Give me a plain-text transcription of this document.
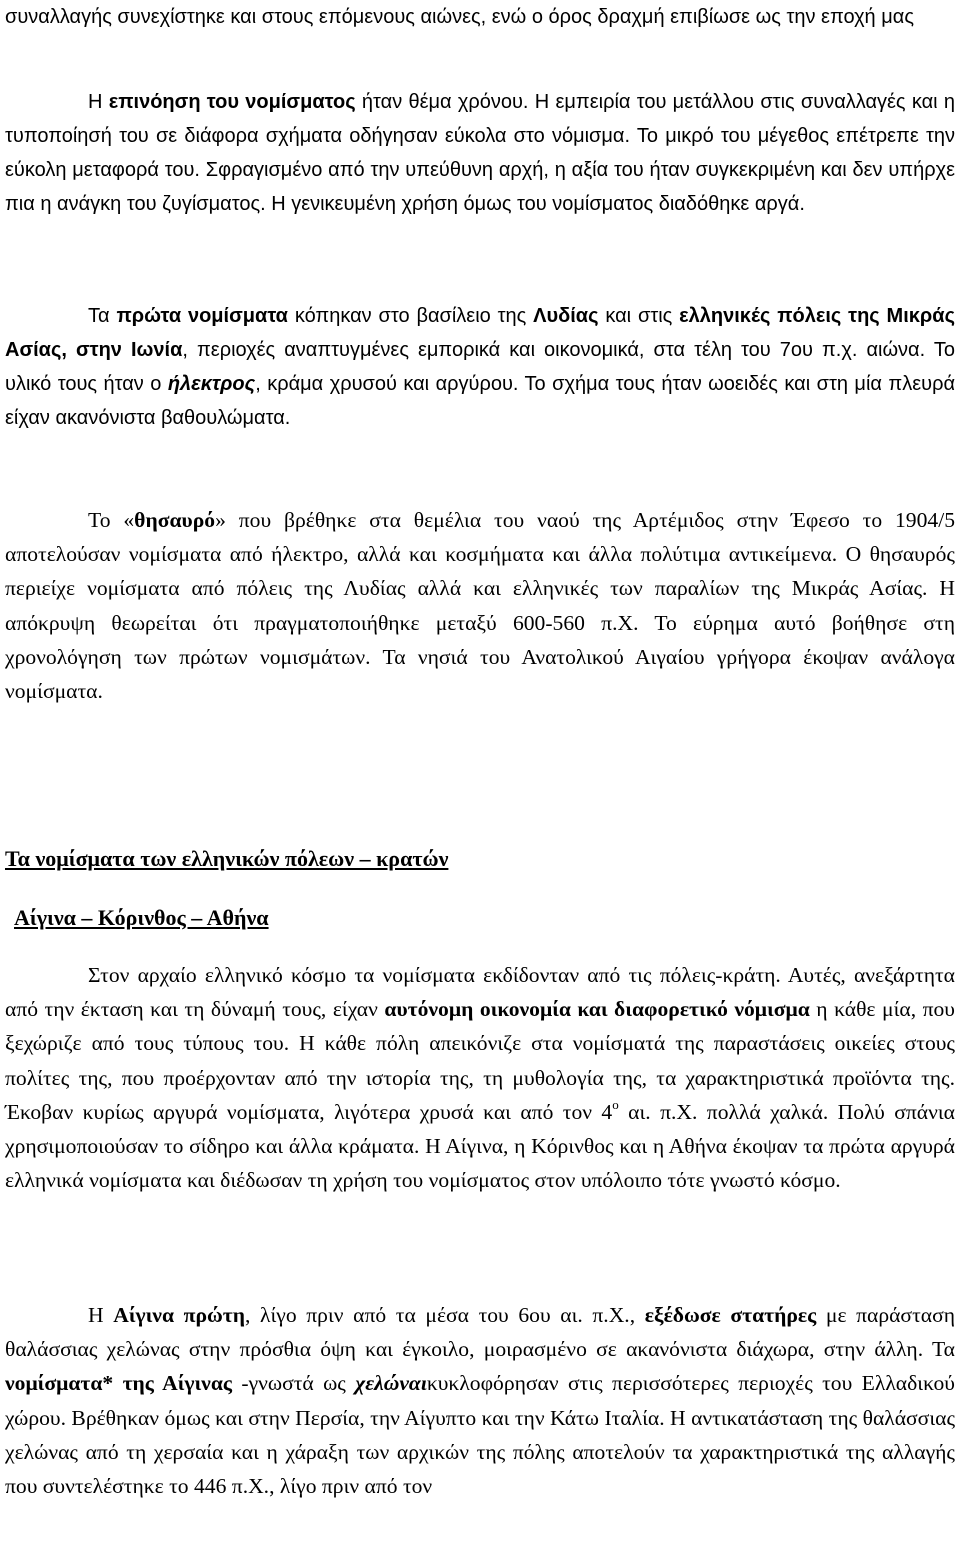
συναλλαγής συνεχίστηκε και στους επόμενους αιώνες, ενώ ο όρος δραχμή επιβίωσε ως την εποχή μας

Η επινόηση του νομίσματος ήταν θέμα χρόνου. Η εμπειρία του μετάλλου στις συναλλαγές και η τυποποίησή του σε διάφορα σχήματα οδήγησαν εύκολα στο νόμισμα. Το μικρό του μέγεθος επέτρεπε την εύκολη μεταφορά του. Σφραγισμένο από την υπεύθυνη αρχή, η αξία του ήταν συγκεκριμένη και δεν υπήρχε πια η ανάγκη του ζυγίσματος. Η γενικευμένη χρήση όμως του νομίσματος διαδόθηκε αργά.

Τα πρώτα νομίσματα κόπηκαν στο βασίλειο της Λυδίας και στις ελληνικές πόλεις της Μικράς Ασίας, στην Ιωνία, περιοχές αναπτυγμένες εμπορικά και οικονομικά, στα τέλη του 7ου π.χ. αιώνα. Το υλικό τους ήταν ο ήλεκτρος, κράμα χρυσού και αργύρου. Το σχήμα τους ήταν ωοειδές και στη μία πλευρά είχαν ακανόνιστα βαθουλώματα.

Το «θησαυρό» που βρέθηκε στα θεμέλια του ναού της Αρτέμιδος στην Έφεσο το 1904/5 αποτελούσαν νομίσματα από ήλεκτρο, αλλά και κοσμήματα και άλλα πολύτιμα αντικείμενα. Ο θησαυρός περιείχε νομίσματα από πόλεις της Λυδίας αλλά και ελληνικές των παραλίων της Μικράς Ασίας. Η απόκρυψη θεωρείται ότι πραγματοποιήθηκε μεταξύ 600-560 π.Χ. Το εύρημα αυτό βοήθησε στη χρονολόγηση των πρώτων νομισμάτων. Τα νησιά του Ανατολικού Αιγαίου γρήγορα έκοψαν ανάλογα νομίσματα.

Τα νομίσματα των ελληνικών πόλεων – κρατών
Αίγινα – Κόρινθος – Αθήνα

Στον αρχαίο ελληνικό κόσμο τα νομίσματα εκδίδονταν από τις πόλεις-κράτη. Αυτές, ανεξάρτητα από την έκταση και τη δύναμή τους, είχαν αυτόνομη οικονομία και διαφορετικό νόμισμα η κάθε μία, που ξεχώριζε από τους τύπους του. Η κάθε πόλη απεικόνιζε στα νομίσματά της παραστάσεις οικείες στους πολίτες της, που προέρχονταν από την ιστορία της, τη μυθολογία της, τα χαρακτηριστικά προϊόντα της. Έκοβαν κυρίως αργυρά νομίσματα, λιγότερα χρυσά και από τον $4^o$ αι. π.Χ. πολλά χαλκά. Πολύ σπάνια χρησιμοποιούσαν το σίδηρο και άλλα κράματα. Η Αίγινα, η Κόρινθος και η Αθήνα έκοψαν τα πρώτα αργυρά ελληνικά νομίσματα και διέδωσαν τη χρήση του νομίσματος στον υπόλοιπο τότε γνωστό κόσμο.

Η Αίγινα πρώτη, λίγο πριν από τα μέσα του 6ου αι. π.Χ., εξέδωσε στατήρες με παράσταση θαλάσσιας χελώνας στην πρόσθια όψη και έγκοιλο, μοιρασμένο σε ακανόνιστα διάχωρα, στην άλλη. Τα νομίσματα* της Αίγινας -γνωστά ως χελώναικυκλοφόρησαν στις περισσότερες περιοχές του Ελλαδικού χώρου. Βρέθηκαν όμως και στην Περσία, την Αίγυπτο και την Κάτω Ιταλία. Η αντικατάσταση της θαλάσσιας χελώνας από τη χερσαία και η χάραξη των αρχικών της πόλης αποτελούν τα χαρακτηριστικά της αλλαγής που συντελέστηκε το 446 π.Χ., λίγο πριν από τον
